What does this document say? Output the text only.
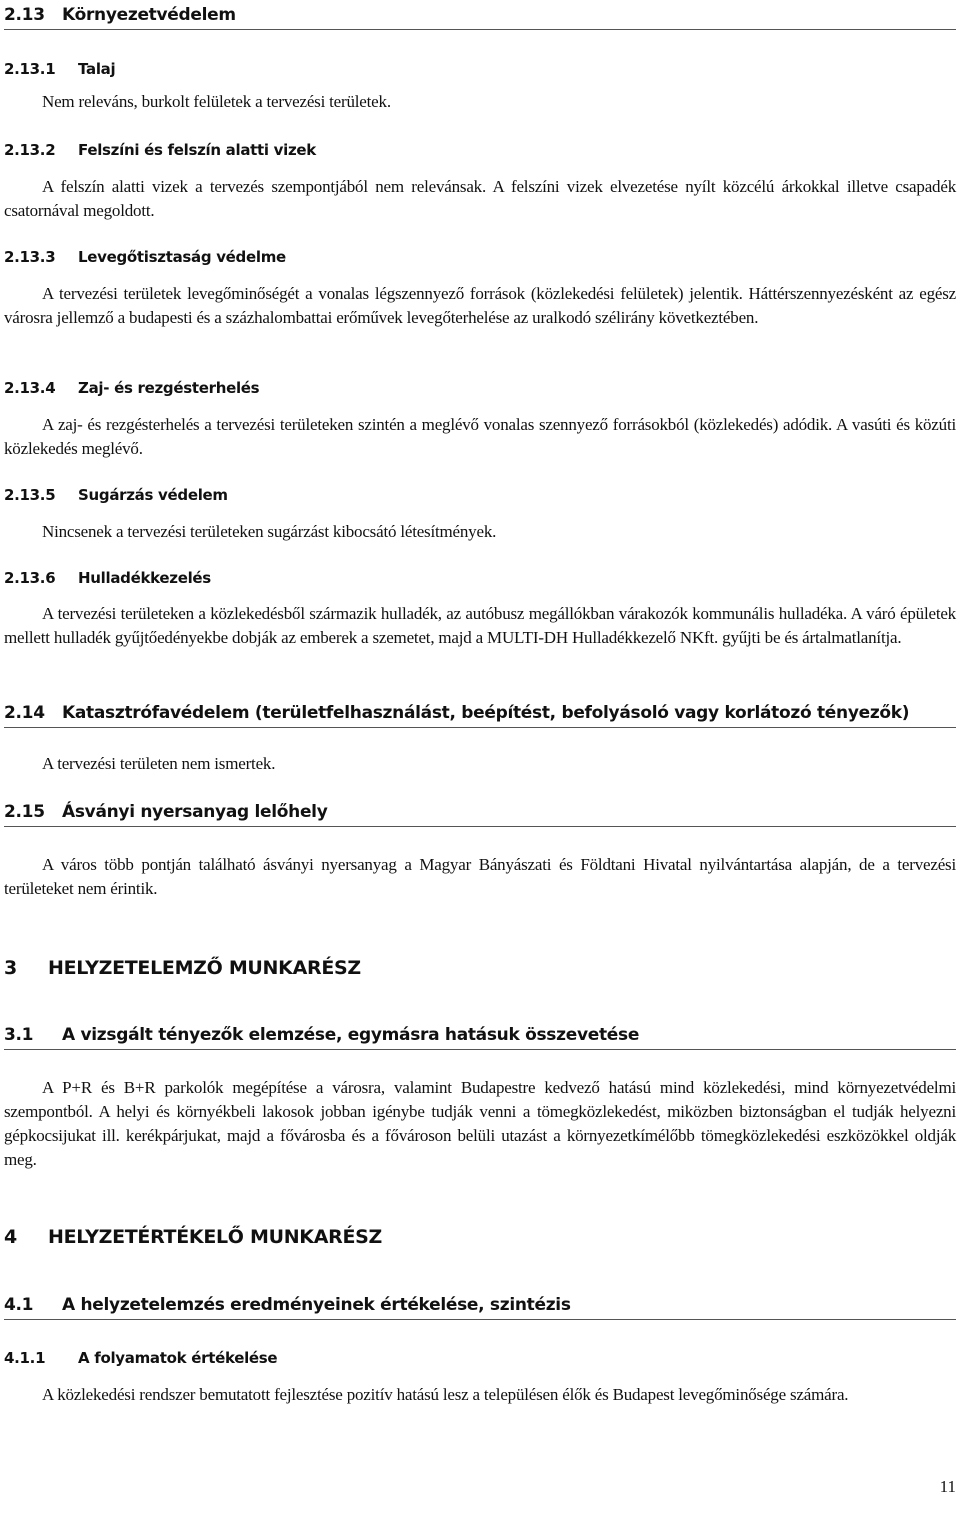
2.13 Környezetvédelem
2.13.1 Talaj
Nem releváns, burkolt felületek a tervezési területek.
2.13.2 Felszíni és felszín alatti vizek
A felszín alatti vizek a tervezés szempontjából nem relevánsak. A felszíni vizek elvezetése nyílt közcélú árkokkal illetve csapadék csatornával megoldott.
2.13.3 Levegőtisztaság védelme
A tervezési területek levegőminőségét a vonalas légszennyező források (közlekedési felületek) jelentik. Háttérszennyezésként az egész városra jellemző a budapesti és a százhalombattai erőművek levegőterhelése az uralkodó szélirány következtében.
2.13.4 Zaj- és rezgésterhelés
A zaj- és rezgésterhelés a tervezési területeken szintén a meglévő vonalas szennyező forrásokból (közlekedés) adódik. A vasúti és közúti közlekedés meglévő.
2.13.5 Sugárzás védelem
Nincsenek a tervezési területeken sugárzást kibocsátó létesítmények.
2.13.6 Hulladékkezelés
A tervezési területeken a közlekedésből származik hulladék, az autóbusz megállókban várakozók kommunális hulladéka. A váró épületek mellett hulladék gyűjtőedényekbe dobják az emberek a szemetet, majd a MULTI-DH Hulladékkezelő NKft. gyűjti be és ártalmatlanítja.
2.14 Katasztrófavédelem (területfelhasználást, beépítést, befolyásoló vagy korlátozó tényezők)
A tervezési területen nem ismertek.
2.15 Ásványi nyersanyag lelőhely
A város több pontján található ásványi nyersanyag a Magyar Bányászati és Földtani Hivatal nyilvántartása alapján, de a tervezési területeket nem érintik.
3 HELYZETELEMZŐ MUNKARÉSZ
3.1 A vizsgált tényezők elemzése, egymásra hatásuk összevetése
A P+R és B+R parkolók megépítése a városra, valamint Budapestre kedvező hatású mind közlekedési, mind környezetvédelmi szempontból. A helyi és környékbeli lakosok jobban igénybe tudják venni a tömegközlekedést, miközben biztonságban el tudják helyezni gépkocsijukat ill. kerékpárjukat, majd a fővárosba és a fővároson belüli utazást a környezetkímélőbb tömegközlekedési eszközökkel oldják meg.
4 HELYZETÉRTÉKELŐ MUNKARÉSZ
4.1 A helyzetelemzés eredményeinek értékelése, szintézis
4.1.1 A folyamatok értékelése
A közlekedési rendszer bemutatott fejlesztése pozitív hatású lesz a településen élők és Budapest levegőminősége számára.
11
